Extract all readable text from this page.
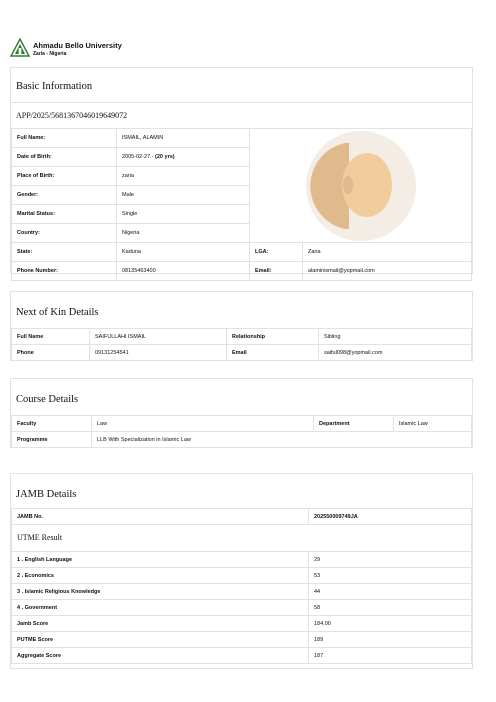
Ahmadu Bello University
Zaria - Nigeria
Basic Information
APP/2025/5681367046019649072
Full Name:	ISMAIL, ALAMIN	

Date of Birth:	2005-02-27 - (20 yrs)		
Place of Birth:	zaria		
Gender:	Male		
Marital Status:	Single		
Country:	Nigeria		
State:	Kaduna	LGA:	Zaria
Phone Number:	08135463400	Email:	alaminismail@yopmail.com
Next of Kin Details
Full Name	SAIFULLAHI ISMAIL	Relationship	Sibling
Phone	09131254541	Email	saiful098@yopmail.com
Course Details
Faculty	Law	Department	Islamic Law
Programme	LLB With Specialization in Islamic Law		
JAMB Details
JAMB No.	202550009749JA
UTME Result
1 . English Language	29
2 . Economics	53
3 . Islamic Religious Knowledge	44
4 . Government	58
Jamb Score	184.00
PUTME Score	189
Aggregate Score	187
